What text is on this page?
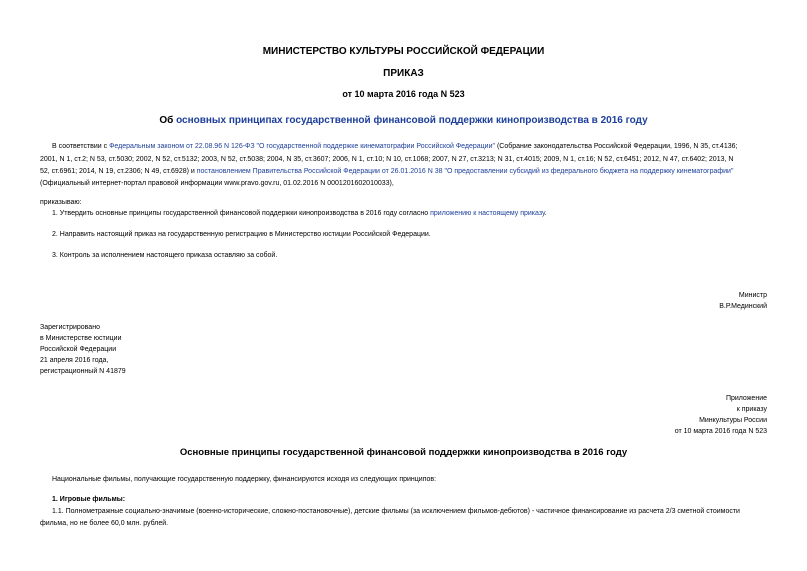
МИНИСТЕРСТВО КУЛЬТУРЫ РОССИЙСКОЙ ФЕДЕРАЦИИ
ПРИКАЗ
от 10 марта 2016 года N 523
Об основных принципах государственной финансовой поддержки кинопроизводства в 2016 году
В соответствии с Федеральным законом от 22.08.96 N 126-ФЗ "О государственной поддержке кинематографии Российской Федерации" (Собрание законодательства Российской Федерации, 1996, N 35, ст.4136;
2001, N 1, ст.2; N 53, ст.5030; 2002, N 52, ст.5132; 2003, N 52, ст.5038; 2004, N 35, ст.3607; 2006, N 1, ст.10; N 10, ст.1068; 2007, N 27, ст.3213; N 31, ст.4015; 2009, N 1, ст.16; N 52, ст.6451; 2012, N 47, ст.6402; 2013, N
52, ст.6961; 2014, N 19, ст.2306; N 49, ст.6928) и постановлением Правительства Российской Федерации от 26.01.2016 N 38 "О предоставлении субсидий из федерального бюджета на поддержку кинематографии"
(Официальный интернет-портал правовой информации www.pravo.gov.ru, 01.02.2016 N 0001201602010033),
приказываю:
1. Утвердить основные принципы государственной финансовой поддержки кинопроизводства в 2016 году согласно приложению к настоящему приказу.
2. Направить настоящий приказ на государственную регистрацию в Министерство юстиции Российской Федерации.
3. Контроль за исполнением настоящего приказа оставляю за собой.
Министр
В.Р.Мединский
Зарегистрировано
в Министерстве юстиции
Российской Федерации
21 апреля 2016 года,
регистрационный N 41879
Приложение
к приказу
Минкультуры России
от 10 марта 2016 года N 523
Основные принципы государственной финансовой поддержки кинопроизводства в 2016 году
Национальные фильмы, получающие государственную поддержку, финансируются исходя из следующих принципов:
1. Игровые фильмы:
1.1. Полнометражные социально-значимые (военно-исторические, сложно-постановочные), детские фильмы (за исключением фильмов-дебютов) - частичное финансирование из расчета 2/3 сметной стоимости
фильма, но не более 60,0 млн. рублей.
